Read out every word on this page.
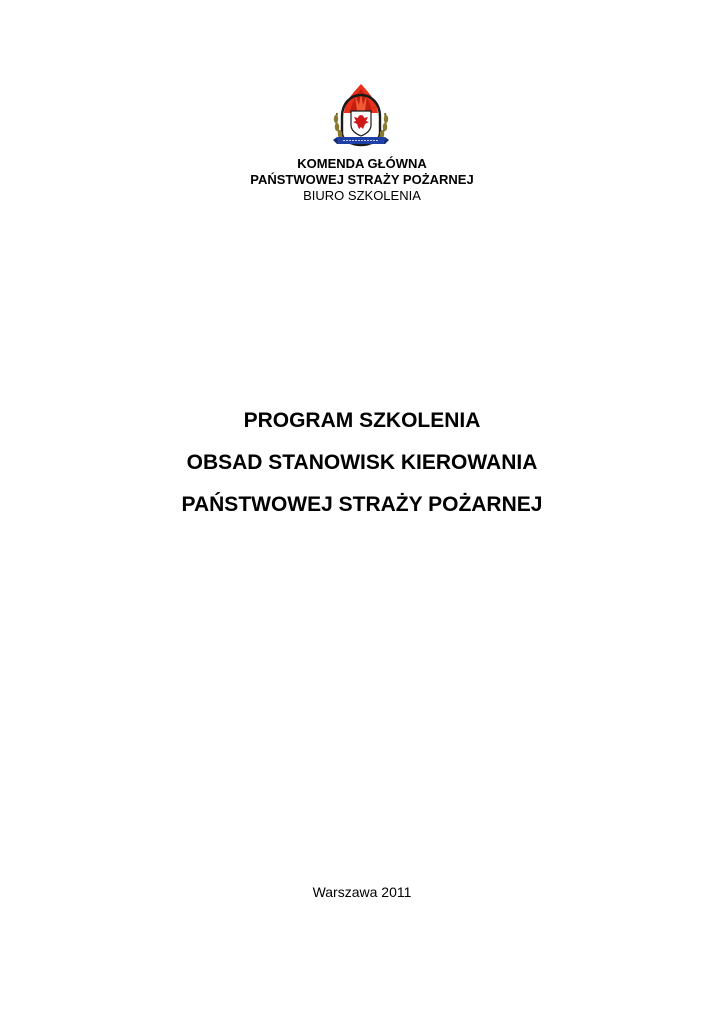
KOMENDA GŁÓWNA
PAŃSTWOWEJ STRAŻY POŻARNEJ
BIURO SZKOLENIA
PROGRAM SZKOLENIA
OBSAD STANOWISK KIEROWANIA
PAŃSTWOWEJ STRAŻY POŻARNEJ
Warszawa 2011
